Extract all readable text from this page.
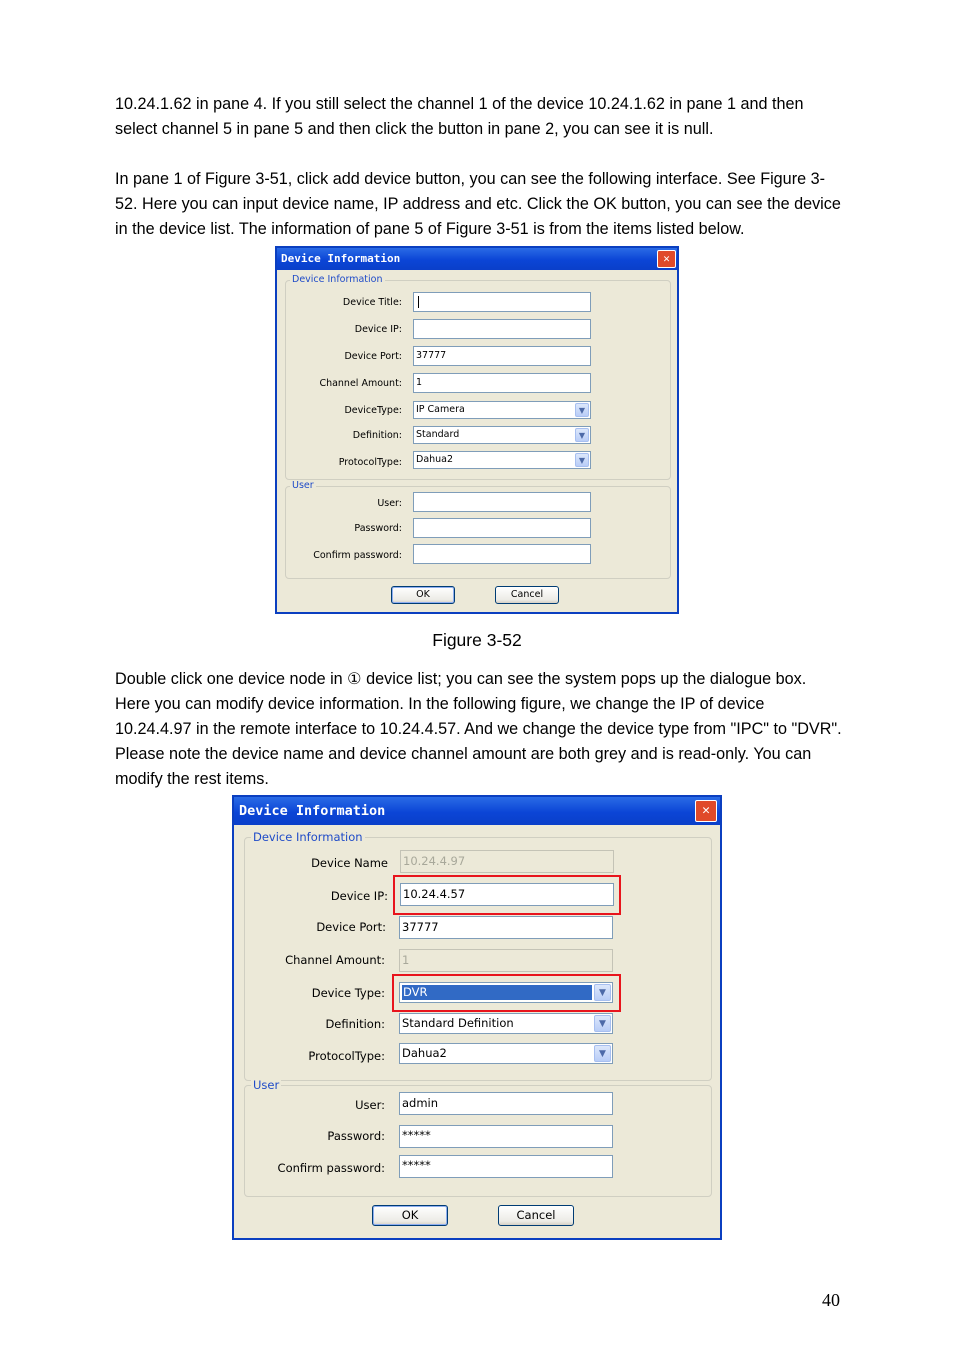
10.24.1.62 in pane 4. If you still select the channel 1 of the device 10.24.1.62 in pane 1 and then select channel 5 in pane 5 and then click the button in pane 2, you can see it is null.

In pane 1 of Figure 3-51, click add device button, you can see the following interface. See Figure 3-52. Here you can input device name, IP address and etc. Click the OK button, you can see the device in the device list. The information of pane 5 of Figure 3-51 is from the items listed below.

Device Information	✕
Device Information
User
Device Title:
Device IP:
Device Port:	37777
Channel Amount:	1
DeviceType:	IP Camera	▼
Definition:	Standard	▼
ProtocolType:	Dahua2	▼
User:
Password:
Confirm password:
OK	Cancel
Figure 3-52

Double click one device node in ① device list; you can see the system pops up the dialogue box. Here you can modify device information. In the following figure, we change the IP of device 10.24.4.97 in the remote interface to 10.24.4.57. And we change the device type from "IPC" to "DVR". Please note the device name and device channel amount are both grey and is read-only. You can modify the rest items.

Device Information	✕
Device Information
User
Device Name 10.24.4.97
Device IP: 10.24.4.57
Device Port: 37777
Channel Amount: 1
Device Type: DVR	▼
Definition: Standard Definition	▼
ProtocolType: Dahua2	▼
User: admin
Password: *****
Confirm password: *****
OK	Cancel
40
